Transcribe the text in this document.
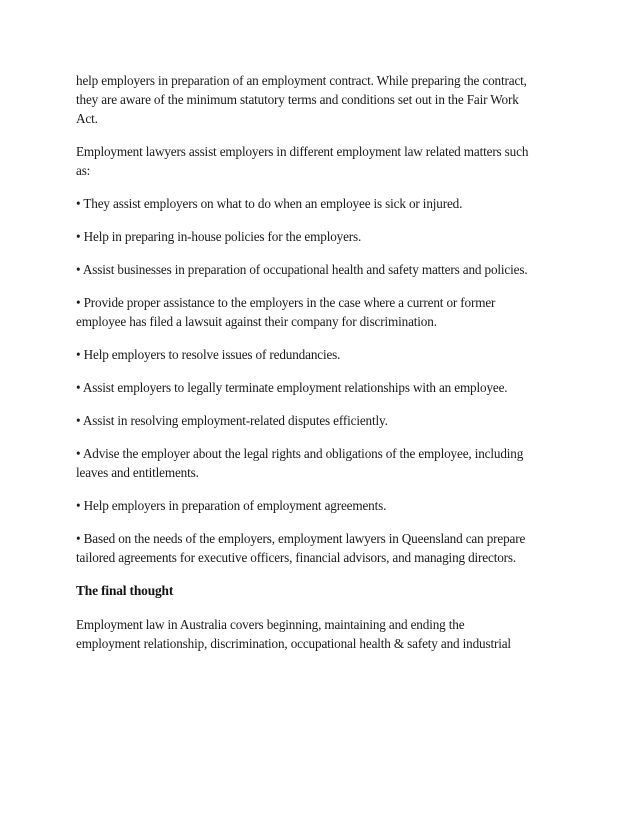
help employers in preparation of an employment contract. While preparing the contract,
they are aware of the minimum statutory terms and conditions set out in the Fair Work
Act.

Employment lawyers assist employers in different employment law related matters such
as:

• They assist employers on what to do when an employee is sick or injured.

• Help in preparing in-house policies for the employers.

• Assist businesses in preparation of occupational health and safety matters and policies.

• Provide proper assistance to the employers in the case where a current or former
employee has filed a lawsuit against their company for discrimination.

• Help employers to resolve issues of redundancies.

• Assist employers to legally terminate employment relationships with an employee.

• Assist in resolving employment-related disputes efficiently.

• Advise the employer about the legal rights and obligations of the employee, including
leaves and entitlements.

• Help employers in preparation of employment agreements.

• Based on the needs of the employers, employment lawyers in Queensland can prepare
tailored agreements for executive officers, financial advisors, and managing directors.

The final thought

Employment law in Australia covers beginning, maintaining and ending the
employment relationship, discrimination, occupational health & safety and industrial
